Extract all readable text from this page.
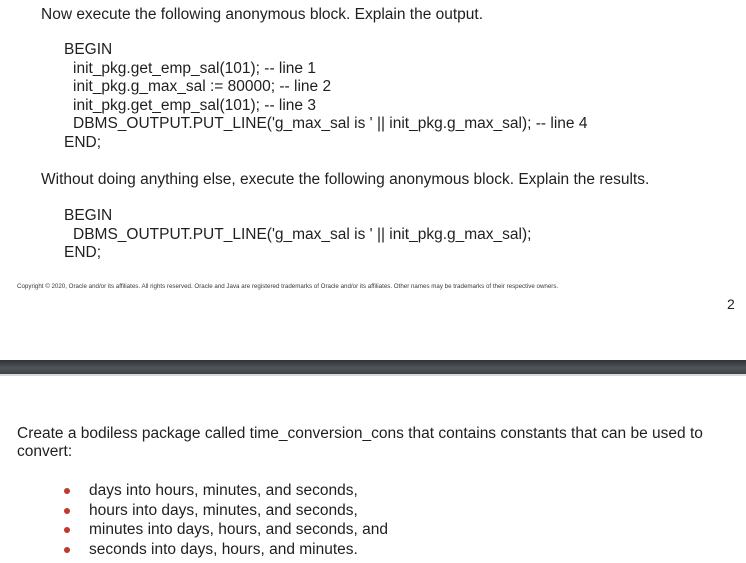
Now execute the following anonymous block. Explain the output.
BEGIN
init_pkg.get_emp_sal(101); -- line 1
init_pkg.g_max_sal := 80000; -- line 2
init_pkg.get_emp_sal(101); -- line 3
DBMS_OUTPUT.PUT_LINE('g_max_sal is ' || init_pkg.g_max_sal); -- line 4
END;
Without doing anything else, execute the following anonymous block. Explain the results.
BEGIN
DBMS_OUTPUT.PUT_LINE('g_max_sal is ' || init_pkg.g_max_sal);
END;
Copyright © 2020, Oracle and/or its affiliates. All rights reserved. Oracle and Java are registered trademarks of Oracle and/or its affiliates. Other names may be trademarks of their respective owners.
2
Create a bodiless package called time_conversion_cons that contains constants that can be used to convert:
days into hours, minutes, and seconds,
hours into days, minutes, and seconds,
minutes into days, hours, and seconds, and
seconds into days, hours, and minutes.
